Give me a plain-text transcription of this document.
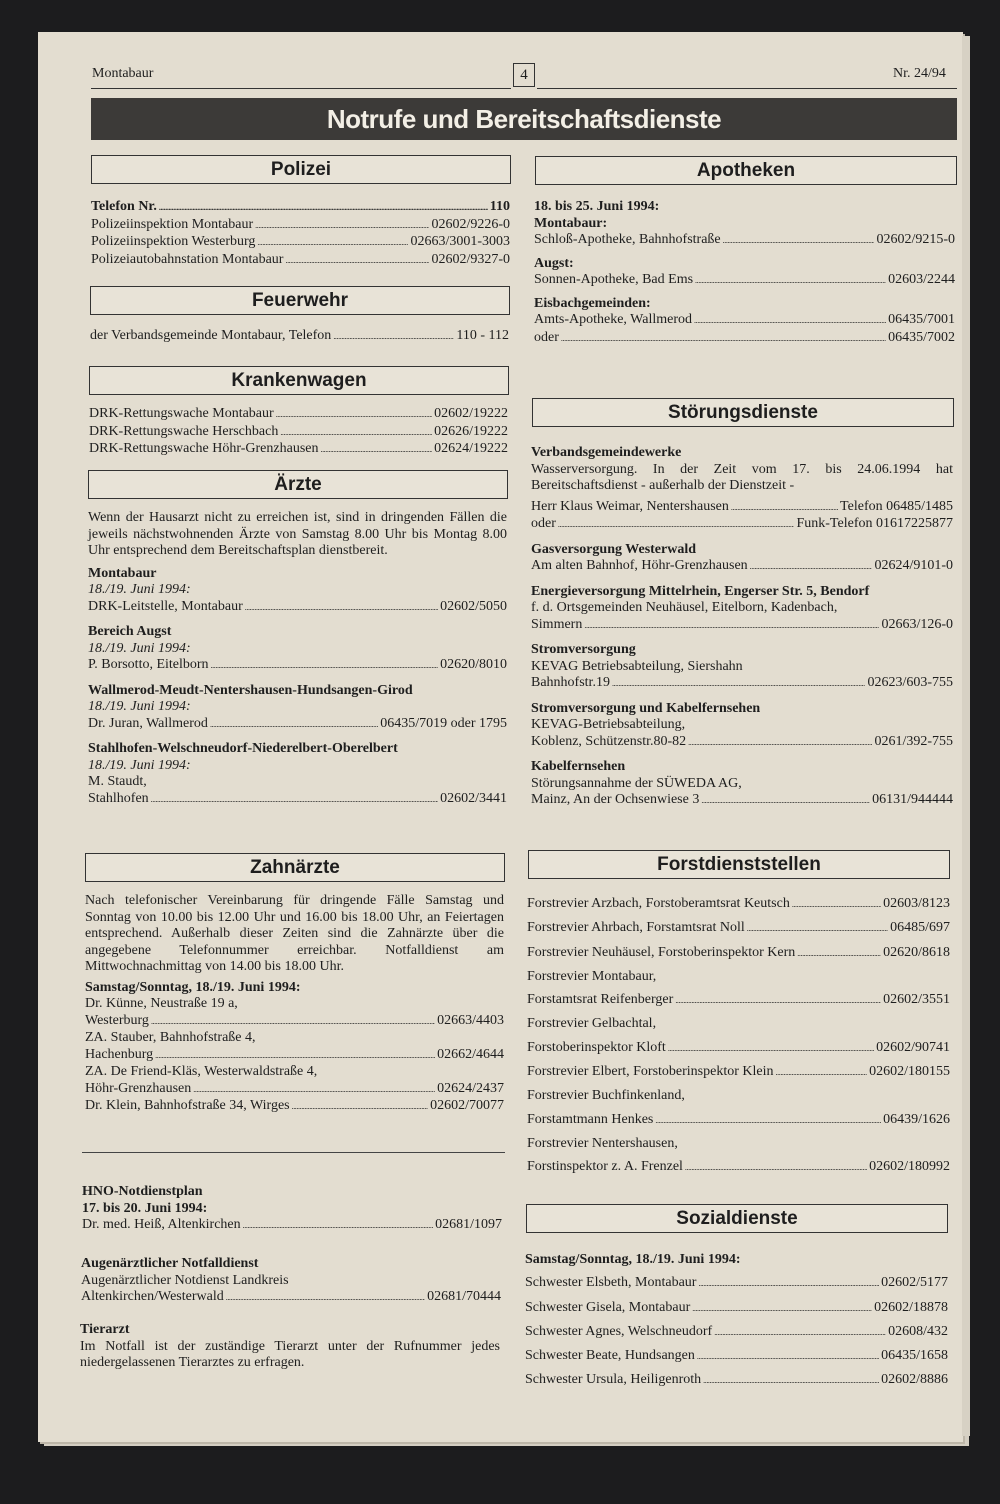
Montabaur	4	Nr. 24/94
Notrufe und Bereitschaftsdienste
Polizei
Telefon Nr. . . .	110
Polizeiinspektion Montabaur . . .	02602/9226-0
Polizeiinspektion Westerburg . . .	02663/3001-3003
Polizeiautobahnstation Montabaur . . .	02602/9327-0
Feuerwehr
der Verbandsgemeinde Montabaur, Telefon . . .	110 - 112
Krankenwagen
DRK-Rettungswache Montabaur . . .	02602/19222
DRK-Rettungswache Herschbach . . .	02626/19222
DRK-Rettungswache Höhr-Grenzhausen . . .	02624/19222
Ärzte
Wenn der Hausarzt nicht zu erreichen ist, sind in dringenden Fällen die jeweils nächstwohnenden Ärzte von Samstag 8.00 Uhr bis Montag 8.00 Uhr entsprechend dem Bereitschaftsplan dienstbereit.
Montabaur
18./19. Juni 1994:
DRK-Leitstelle, Montabaur . . .	02602/5050
Bereich Augst
18./19. Juni 1994:
P. Borsotto, Eitelborn . . .	02620/8010
Wallmerod-Meudt-Nentershausen-Hundsangen-Girod
18./19. Juni 1994:
Dr. Juran, Wallmerod . . .	06435/7019 oder 1795
Stahlhofen-Welschneudorf-Niederelbert-Oberelbert
18./19. Juni 1994:
M. Staudt,
Stahlhofen . . .	02602/3441
Zahnärzte
Nach telefonischer Vereinbarung für dringende Fälle Samstag und Sonntag von 10.00 bis 12.00 Uhr und 16.00 bis 18.00 Uhr, an Feiertagen entsprechend. Außerhalb dieser Zeiten sind die Zahnärzte über die angegebene Telefonnummer erreichbar. Notfalldienst am Mittwochnachmittag von 14.00 bis 18.00 Uhr.
Samstag/Sonntag, 18./19. Juni 1994:
Dr. Künne, Neustraße 19 a,
Westerburg . . .	02663/4403
ZA. Stauber, Bahnhofstraße 4,
Hachenburg . . .	02662/4644
ZA. De Friend-Kläs, Westerwaldstraße 4,
Höhr-Grenzhausen . . .	02624/2437
Dr. Klein, Bahnhofstraße 34, Wirges . . .	02602/70077
HNO-Notdienstplan
17. bis 20. Juni 1994:
Dr. med. Heiß, Altenkirchen . . .	02681/1097
Augenärztlicher Notfalldienst
Augenärztlicher Notdienst Landkreis
Altenkirchen/Westerwald . . .	02681/70444
Tierarzt
Im Notfall ist der zuständige Tierarzt unter der Rufnummer jedes niedergelassenen Tierarztes zu erfragen.
Apotheken
18. bis 25. Juni 1994:
Montabaur:
Schloß-Apotheke, Bahnhofstraße . . .	02602/9215-0
Augst:
Sonnen-Apotheke, Bad Ems . . .	02603/2244
Eisbachgemeinden:
Amts-Apotheke, Wallmerod . . .	06435/7001
oder . . .	06435/7002
Störungsdienste
Verbandsgemeindewerke
Wasserversorgung. In der Zeit vom 17. bis 24.06.1994 hat Bereitschaftsdienst - außerhalb der Dienstzeit -
Herr Klaus Weimar, Nentershausen . . .	Telefon 06485/1485
oder . . .	Funk-Telefon 01617225877
Gasversorgung Westerwald
Am alten Bahnhof, Höhr-Grenzhausen . . .	02624/9101-0
Energieversorgung Mittelrhein, Engerser Str. 5, Bendorf
f. d. Ortsgemeinden Neuhäusel, Eitelborn, Kadenbach,
Simmern . . .	02663/126-0
Stromversorgung
KEVAG Betriebsabteilung, Siershahn
Bahnhofstr.19 . . .	02623/603-755
Stromversorgung und Kabelfernsehen
KEVAG-Betriebsabteilung,
Koblenz, Schützenstr.80-82 . . .	0261/392-755
Kabelfernsehen
Störungsannahme der SÜWEDA AG,
Mainz, An der Ochsenwiese 3 . . .	06131/944444
Forstdienststellen
Forstrevier Arzbach, Forstoberamtsrat Keutsch . . .	02603/8123
Forstrevier Ahrbach, Forstamtsrat Noll . . .	06485/697
Forstrevier Neuhäusel, Forstoberinspektor Kern . . .	02620/8618
Forstrevier Montabaur,
Forstamtsrat Reifenberger . . .	02602/3551
Forstrevier Gelbachtal,
Forstoberinspektor Kloft . . .	02602/90741
Forstrevier Elbert, Forstoberinspektor Klein . . .	02602/180155
Forstrevier Buchfinkenland,
Forstamtmann Henkes . . .	06439/1626
Forstrevier Nentershausen,
Forstinspektor z. A. Frenzel . . .	02602/180992
Sozialdienste
Samstag/Sonntag, 18./19. Juni 1994:
Schwester Elsbeth, Montabaur . . .	02602/5177
Schwester Gisela, Montabaur . . .	02602/18878
Schwester Agnes, Welschneudorf . . .	02608/432
Schwester Beate, Hundsangen . . .	06435/1658
Schwester Ursula, Heiligenroth . . .	02602/8886
